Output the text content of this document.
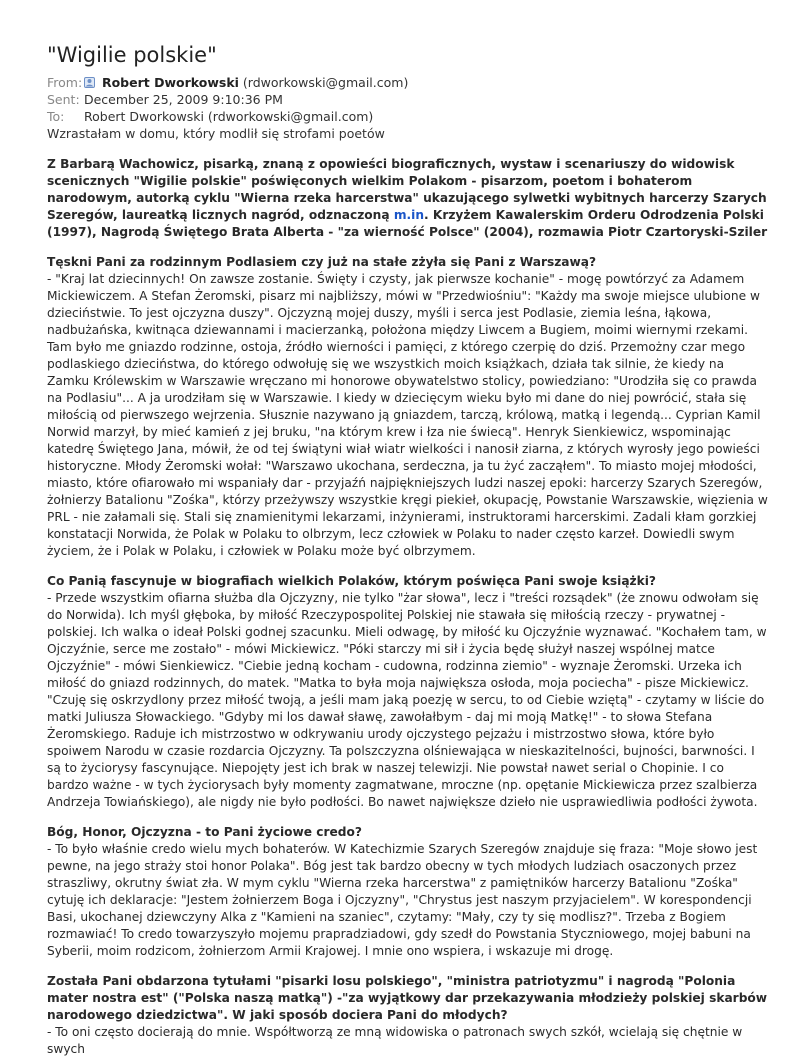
"Wigilie polskie"
From: Robert Dworkowski (rdworkowski@gmail.com)
Sent: December 25, 2009 9:10:36 PM
To: Robert Dworkowski (rdworkowski@gmail.com)
Wzrastałam w domu, który modlił się strofami poetów
Z Barbarą Wachowicz, pisarką, znaną z opowieści biograficznych, wystaw i scenariuszy do widowisk scenicznych "Wigilie polskie" poświęconych wielkim Polakom - pisarzom, poetom i bohaterom narodowym, autorką cyklu "Wierna rzeka harcerstwa" ukazującego sylwetki wybitnych harcerzy Szarych Szeregów, laureatką licznych nagród, odznaczoną m.in. Krzyżem Kawalerskim Orderu Odrodzenia Polski (1997), Nagrodą Świętego Brata Alberta - "za wierność Polsce" (2004), rozmawia Piotr Czartoryski-Sziler
Tęskni Pani za rodzinnym Podlasiem czy już na stałe zżyła się Pani z Warszawą?

- "Kraj lat dziecinnych! On zawsze zostanie. Święty i czysty, jak pierwsze kochanie" - mogę powtórzyć za Adamem Mickiewiczem. A Stefan Żeromski, pisarz mi najbliższy, mówi w "Przedwiośniu": "Każdy ma swoje miejsce ulubione w dzieciństwie. To jest ojczyzna duszy". Ojczyzną mojej duszy, myśli i serca jest Podlasie, ziemia leśna, łąkowa, nadbużańska, kwitnąca dziewannami i macierzanką, położona między Liwcem a Bugiem, moimi wiernymi rzekami. Tam było me gniazdo rodzinne, ostoja, źródło wierności i pamięci, z którego czerpię do dziś. Przemożny czar mego podlaskiego dzieciństwa, do którego odwołuję się we wszystkich moich książkach, działa tak silnie, że kiedy na Zamku Królewskim w Warszawie wręczano mi honorowe obywatelstwo stolicy, powiedziano: "Urodziła się co prawda na Podlasiu"... A ja urodziłam się w Warszawie. I kiedy w dziecięcym wieku było mi dane do niej powrócić, stała się miłością od pierwszego wejrzenia. Słusznie nazywano ją gniazdem, tarczą, królową, matką i legendą... Cyprian Kamil Norwid marzył, by mieć kamień z jej bruku, "na którym krew i łza nie świecą". Henryk Sienkiewicz, wspominając katedrę Świętego Jana, mówił, że od tej świątyni wiał wiatr wielkości i nanosił ziarna, z których wyrosły jego powieści historyczne. Młody Żeromski wołał: "Warszawo ukochana, serdeczna, ja tu żyć zacząłem". To miasto mojej młodości, miasto, które ofiarowało mi wspaniały dar - przyjaźń najpiękniejszych ludzi naszej epoki: harcerzy Szarych Szeregów, żołnierzy Batalionu "Zośka", którzy przeżywszy wszystkie kręgi piekieł, okupację, Powstanie Warszawskie, więzienia w PRL - nie załamali się. Stali się znamienitymi lekarzami, inżynierami, instruktorami harcerskimi. Zadali kłam gorzkiej konstatacji Norwida, że Polak w Polaku to olbrzym, lecz człowiek w Polaku to nader często karzeł. Dowiedli swym życiem, że i Polak w Polaku, i człowiek w Polaku może być olbrzymem.

Co Panią fascynuje w biografiach wielkich Polaków, którym poświęca Pani swoje książki?

- Przede wszystkim ofiarna służba dla Ojczyzny, nie tylko "żar słowa", lecz i "treści rozsądek" (że znowu odwołam się do Norwida). Ich myśl głęboka, by miłość Rzeczypospolitej Polskiej nie stawała się miłością rzeczy - prywatnej - polskiej. Ich walka o ideał Polski godnej szacunku. Mieli odwagę, by miłość ku Ojczyźnie wyznawać. "Kochałem tam, w Ojczyźnie, serce me zostało" - mówi Mickiewicz. "Póki starczy mi sił i życia będę służył naszej wspólnej matce Ojczyźnie" - mówi Sienkiewicz. "Ciebie jedną kocham - cudowna, rodzinna ziemio" - wyznaje Żeromski. Urzeka ich miłość do gniazd rodzinnych, do matek. "Matka to była moja największa osłoda, moja pociecha" - pisze Mickiewicz. "Czuję się oskrzydlony przez miłość twoją, a jeśli mam jaką poezję w sercu, to od Ciebie wziętą" - czytamy w liście do matki Juliusza Słowackiego. "Gdyby mi los dawał sławę, zawołałbym - daj mi moją Matkę!" - to słowa Stefana Żeromskiego. Raduje ich mistrzostwo w odkrywaniu urody ojczystego pejzażu i mistrzostwo słowa, które było spoiwem Narodu w czasie rozdarcia Ojczyzny. Ta polszczyzna olśniewająca w nieskazitelności, bujności, barwności. I są to życiorysy fascynujące. Niepojęty jest ich brak w naszej telewizji. Nie powstał nawet serial o Chopinie. I co bardzo ważne - w tych życiorysach były momenty zagmatwane, mroczne (np. opętanie Mickiewicza przez szalbierza Andrzeja Towiańskiego), ale nigdy nie było podłości. Bo nawet największe dzieło nie usprawiedliwia podłości żywota.

Bóg, Honor, Ojczyzna - to Pani życiowe credo?

- To było właśnie credo wielu mych bohaterów. W Katechizmie Szarych Szeregów znajduje się fraza: "Moje słowo jest pewne, na jego straży stoi honor Polaka". Bóg jest tak bardzo obecny w tych młodych ludziach osaczonych przez straszliwy, okrutny świat zła. W mym cyklu "Wierna rzeka harcerstwa" z pamiętników harcerzy Batalionu "Zośka" cytuję ich deklaracje: "Jestem żołnierzem Boga i Ojczyzny", "Chrystus jest naszym przyjacielem". W korespondencji Basi, ukochanej dziewczyny Alka z "Kamieni na szaniec", czytamy: "Mały, czy ty się modlisz?". Trzeba z Bogiem rozmawiać! To credo towarzyszyło mojemu prapradziadowi, gdy szedł do Powstania Styczniowego, mojej babuni na Syberii, moim rodzicom, żołnierzom Armii Krajowej. I mnie ono wspiera, i wskazuje mi drogę.

Została Pani obdarzona tytułami "pisarki losu polskiego", "ministra patriotyzmu" i nagrodą "Polonia mater nostra est" ("Polska naszą matką") -"za wyjątkowy dar przekazywania młodzieży polskiej skarbów narodowego dziedzictwa". W jaki sposób dociera Pani do młodych?

- To oni często docierają do mnie. Współtworzą ze mną widowiska o patronach swych szkół, wcielają się chętnie w swych
